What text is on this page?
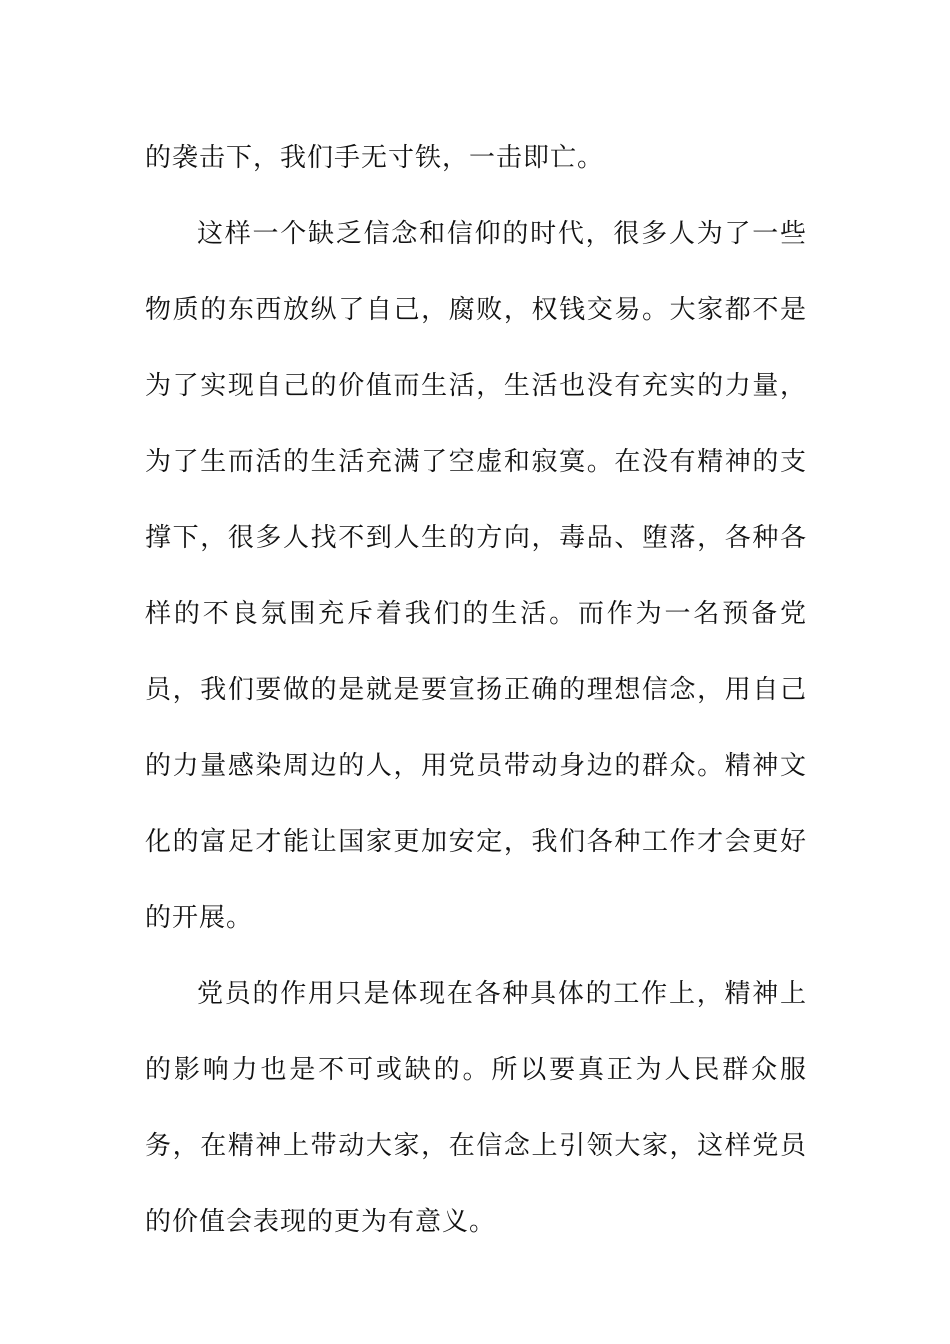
的袭击下，我们手无寸铁，一击即亡。

这样一个缺乏信念和信仰的时代，很多人为了一些物质的东西放纵了自己，腐败，权钱交易。大家都不是为了实现自己的价值而生活，生活也没有充实的力量，为了生而活的生活充满了空虚和寂寞。在没有精神的支撑下，很多人找不到人生的方向，毒品、堕落，各种各样的不良氛围充斥着我们的生活。而作为一名预备党员，我们要做的是就是要宣扬正确的理想信念，用自己的力量感染周边的人，用党员带动身边的群众。精神文化的富足才能让国家更加安定，我们各种工作才会更好的开展。

党员的作用只是体现在各种具体的工作上，精神上的影响力也是不可或缺的。所以要真正为人民群众服务，在精神上带动大家，在信念上引领大家，这样党员的价值会表现的更为有意义。
